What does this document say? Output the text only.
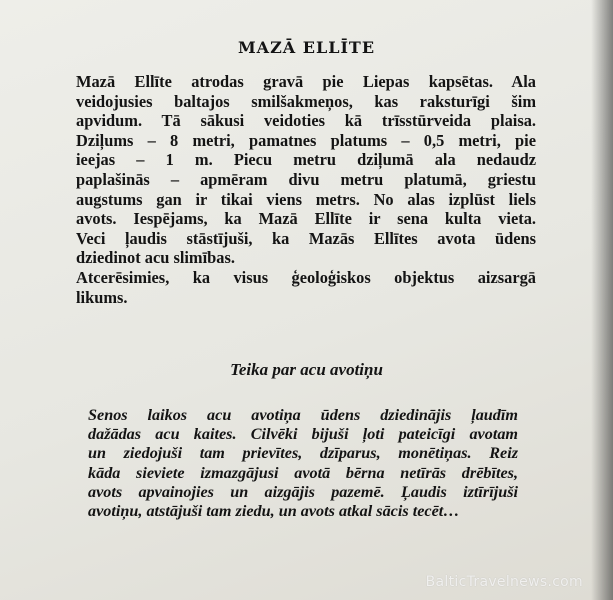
MAZĀ ELLĪTE

Mazā Ellīte atrodas gravā pie Liepas kapsētas. Ala
veidojusies baltajos smilšakmeņos, kas raksturīgi šim
apvidum. Tā sākusi veidoties kā trīsstūrveida plaisa.
Dziļums – 8 metri, pamatnes platums – 0,5 metri, pie
ieejas – 1 m. Piecu metru dziļumā ala nedaudz
paplašinās – apmēram divu metru platumā, griestu
augstums gan ir tikai viens metrs. No alas izplūst liels
avots. Iespējams, ka Mazā Ellīte ir sena kulta vieta.
Veci ļaudis stāstījuši, ka Mazās Ellītes avota ūdens
dziedinot acu slimības.
Atcerēsimies, ka visus ģeoloģiskos objektus aizsargā
likums.

Teika par acu avotiņu

Senos laikos acu avotiņa ūdens dziedinājis ļaudīm
dažādas acu kaites. Cilvēki bijuši ļoti pateicīgi avotam
un ziedojuši tam prievītes, dzīparus, monētiņas. Reiz
kāda sieviete izmazgājusi avotā bērna netīrās drēbītes,
avots apvainojies un aizgājis pazemē. Ļaudis iztīrījuši
avotiņu, atstājuši tam ziedu, un avots atkal sācis tecēt…

BalticTravelnews.com
